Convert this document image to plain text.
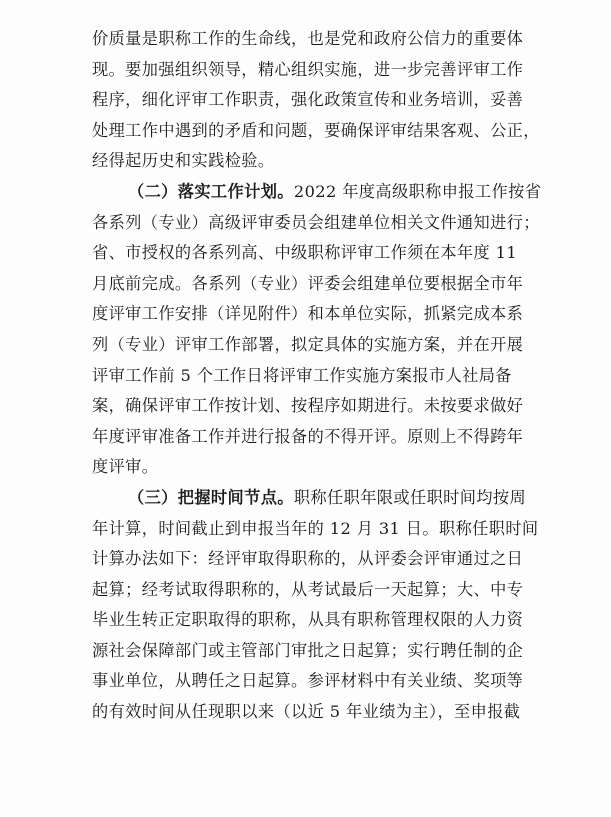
价质量是职称工作的生命线，也是党和政府公信力的重要体
现。要加强组织领导，精心组织实施，进一步完善评审工作
程序，细化评审工作职责，强化政策宣传和业务培训，妥善
处理工作中遇到的矛盾和问题，要确保评审结果客观、公正，
经得起历史和实践检验。
（二）落实工作计划。2022 年度高级职称申报工作按省
各系列（专业）高级评审委员会组建单位相关文件通知进行；
省、市授权的各系列高、中级职称评审工作须在本年度 11
月底前完成。各系列（专业）评委会组建单位要根据全市年
度评审工作安排（详见附件）和本单位实际，抓紧完成本系
列（专业）评审工作部署，拟定具体的实施方案，并在开展
评审工作前 5 个工作日将评审工作实施方案报市人社局备
案，确保评审工作按计划、按程序如期进行。未按要求做好
年度评审准备工作并进行报备的不得开评。原则上不得跨年
度评审。
（三）把握时间节点。职称任职年限或任职时间均按周
年计算，时间截止到申报当年的 12 月 31 日。职称任职时间
计算办法如下：经评审取得职称的，从评委会评审通过之日
起算；经考试取得职称的，从考试最后一天起算；大、中专
毕业生转正定职取得的职称，从具有职称管理权限的人力资
源社会保障部门或主管部门审批之日起算；实行聘任制的企
事业单位，从聘任之日起算。参评材料中有关业绩、奖项等
的有效时间从任现职以来（以近 5 年业绩为主），至申报截
